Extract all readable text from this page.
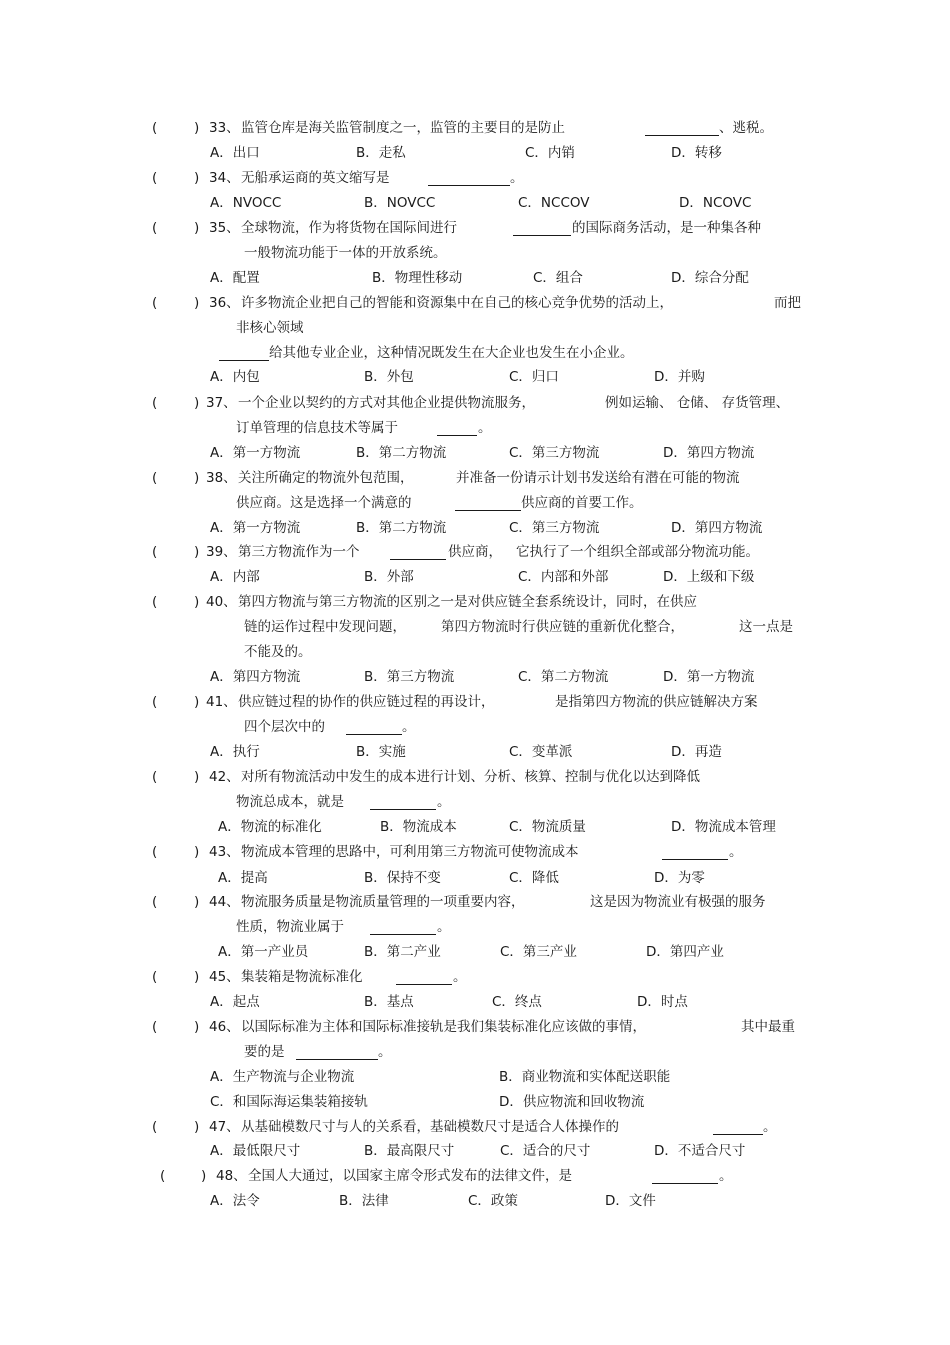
(	) 33、 监管仓库是海关监管制度之一，监管的主要目的是防止	、逃税。
A．出口	B．走私	C．内销	D．转移
(	) 34、 无船承运商的英文缩写是	。
A．NVOCC	B．NOVCC	C．NCCOV	D．NCOVC
(	) 35、 全球物流，作为将货物在国际间进行	的国际商务活动，是一种集各种
一般物流功能于一体的开放系统。
A．配置	B．物理性移动	C．组合	D．综合分配
(	) 36、 许多物流企业把自己的智能和资源集中在自己的核心竞争优势的活动上，	而把
非核心领域
给其他专业企业，这种情况既发生在大企业也发生在小企业。
A．内包	B．外包	C．归口	D．并购
(	) 37、 一个企业以契约的方式对其他企业提供物流服务，	例如运输、 仓储、 存货管理、
订单管理的信息技术等属于	。
A．第一方物流	B．第二方物流	C．第三方物流	D．第四方物流
(	) 38、 关注所确定的物流外包范围，	并准备一份请示计划书发送给有潜在可能的物流
供应商。这是选择一个满意的	供应商的首要工作。
A．第一方物流	B．第二方物流	C．第三方物流	D．第四方物流
(	) 39、 第三方物流作为一个	供应商， 它执行了一个组织全部或部分物流功能。
A．内部	B．外部	C．内部和外部	D．上级和下级
(	) 40、 第四方物流与第三方物流的区别之一是对供应链全套系统设计，同时，在供应
链的运作过程中发现问题，	第四方物流时行供应链的重新优化整合，	这一点是
不能及的。
A．第四方物流	B．第三方物流	C．第二方物流	D．第一方物流
(	) 41、 供应链过程的协作的供应链过程的再设计，	是指第四方物流的供应链解决方案
四个层次中的	。
A．执行	B．实施	C．变革派	D．再造
(	) 42、 对所有物流活动中发生的成本进行计划、分析、核算、控制与优化以达到降低
物流总成本，就是	。
A．物流的标准化	B．物流成本	C．物流质量	D．物流成本管理
(	) 43、 物流成本管理的思路中，可利用第三方物流可使物流成本	。
A．提高	B．保持不变	C．降低	D．为零
(	) 44、 物流服务质量是物流质量管理的一项重要内容，	这是因为物流业有极强的服务
性质，物流业属于	。
A．第一产业员	B．第二产业	C．第三产业	D．第四产业
(	) 45、 集装箱是物流标准化	。
A．起点	B．基点	C．终点	D．时点
(	) 46、 以国际标准为主体和国际标准接轨是我们集装标准化应该做的事情，	其中最重
要的是	。
A．生产物流与企业物流	B．商业物流和实体配送职能
C．和国际海运集装箱接轨	D．供应物流和回收物流
(	) 47、 从基础模数尺寸与人的关系看，基础模数尺寸是适合人体操作的	。
A．最低限尺寸	B．最高限尺寸	C．适合的尺寸	D．不适合尺寸
(	) 48、 全国人大通过，以国家主席令形式发布的法律文件，是	。
A．法令	B．法律	C．政策	D．文件
